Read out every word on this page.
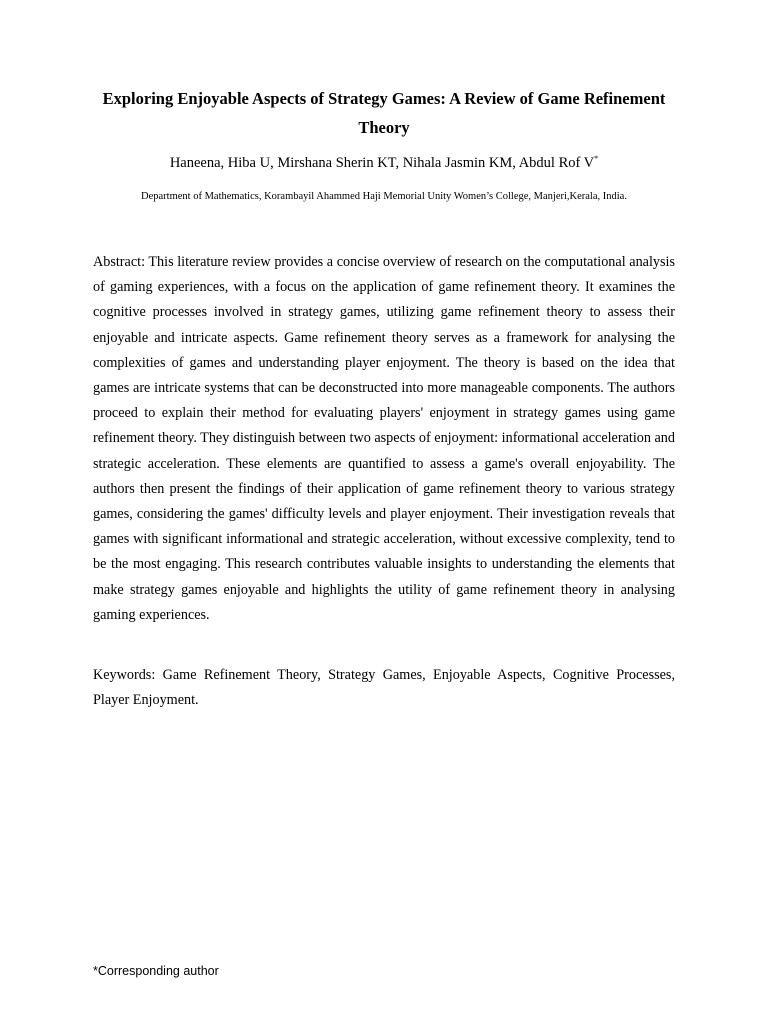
Exploring Enjoyable Aspects of Strategy Games: A Review of Game Refinement Theory
Haneena, Hiba U, Mirshana Sherin KT, Nihala Jasmin KM, Abdul Rof V*
Department of Mathematics, Korambayil Ahammed Haji Memorial Unity Women’s College, Manjeri,Kerala, India.

Abstract: This literature review provides a concise overview of research on the computational analysis of gaming experiences, with a focus on the application of game refinement theory. It examines the cognitive processes involved in strategy games, utilizing game refinement theory to assess their enjoyable and intricate aspects. Game refinement theory serves as a framework for analysing the complexities of games and understanding player enjoyment. The theory is based on the idea that games are intricate systems that can be deconstructed into more manageable components. The authors proceed to explain their method for evaluating players' enjoyment in strategy games using game refinement theory. They distinguish between two aspects of enjoyment: informational acceleration and strategic acceleration. These elements are quantified to assess a game's overall enjoyability. The authors then present the findings of their application of game refinement theory to various strategy games, considering the games' difficulty levels and player enjoyment. Their investigation reveals that games with significant informational and strategic acceleration, without excessive complexity, tend to be the most engaging. This research contributes valuable insights to understanding the elements that make strategy games enjoyable and highlights the utility of game refinement theory in analysing gaming experiences.

Keywords: Game Refinement Theory, Strategy Games, Enjoyable Aspects, Cognitive Processes, Player Enjoyment.

*Corresponding author
